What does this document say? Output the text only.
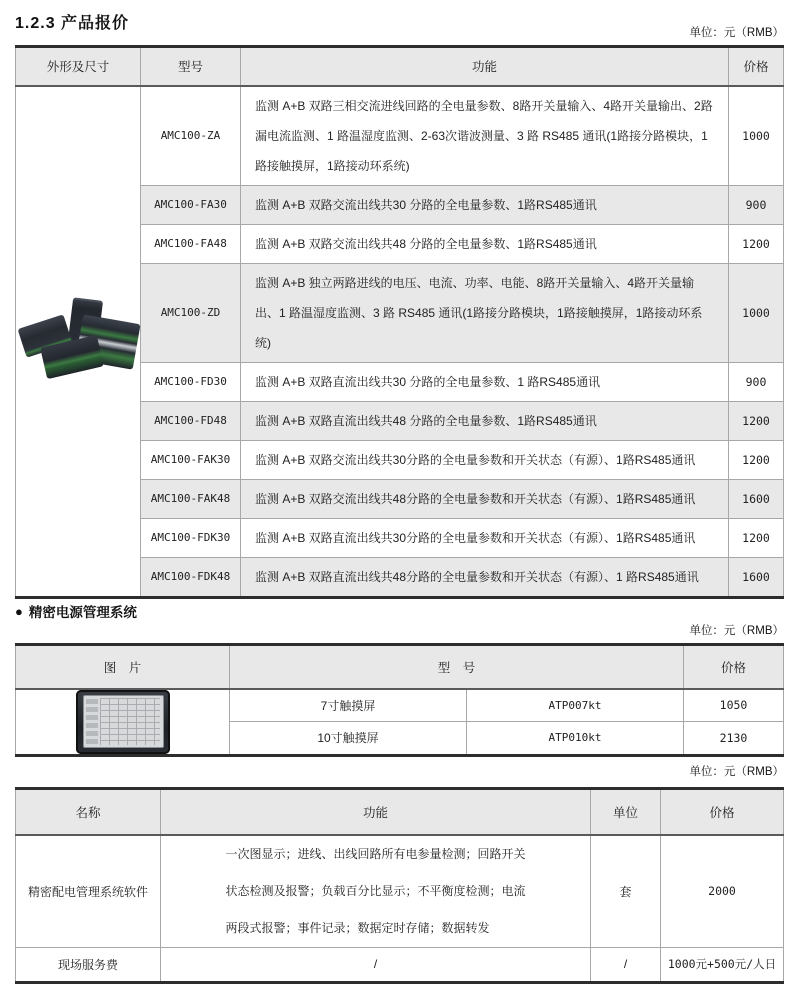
1.2.3 产品报价
单位：元（RMB）
外形及尺寸	型号	功能	价格

	AMC100-ZA	监测 A+B 双路三相交流进线回路的全电量参数、8路开关量输入、4路开关量输出、2路漏电流监测、1 路温湿度监测、2-63次谐波测量、3 路 RS485 通讯(1路接分路模块，1路接触摸屏，1路接动环系统)	1000
	AMC100-FA30	监测 A+B 双路交流出线共30 分路的全电量参数、1路RS485通讯	900
	AMC100-FA48	监测 A+B 双路交流出线共48 分路的全电量参数、1路RS485通讯	1200
	AMC100-ZD	监测 A+B 独立两路进线的电压、电流、功率、电能、8路开关量输入、4路开关量输出、1 路温湿度监测、3 路 RS485 通讯(1路接分路模块，1路接触摸屏，1路接动环系统)	1000
	AMC100-FD30	监测 A+B 双路直流出线共30 分路的全电量参数、1 路RS485通讯	900
	AMC100-FD48	监测 A+B 双路直流出线共48 分路的全电量参数、1路RS485通讯	1200
	AMC100-FAK30	监测 A+B 双路交流出线共30分路的全电量参数和开关状态（有源）、1路RS485通讯	1200
	AMC100-FAK48	监测 A+B 双路交流出线共48分路的全电量参数和开关状态（有源）、1路RS485通讯	1600
	AMC100-FDK30	监测 A+B 双路直流出线共30分路的全电量参数和开关状态（有源）、1路RS485通讯	1200
	AMC100-FDK48	监测 A+B 双路直流出线共48分路的全电量参数和开关状态（有源）、1 路RS485通讯	1600
● 精密电源管理系统
单位：元（RMB）
图　片	型　号		价格

	7寸触摸屏	ATP007kt	1050
	10寸触摸屏	ATP010kt	2130
单位：元（RMB）
名称	功能	单位	价格
精密配电管理系统软件	一次图显示；进线、出线回路所有电参量检测；回路开关状态检测及报警；负载百分比显示；不平衡度检测；电流两段式报警；事件记录；数据定时存储；数据转发	套	2000
现场服务费	/	/	1000元+500元/人日
